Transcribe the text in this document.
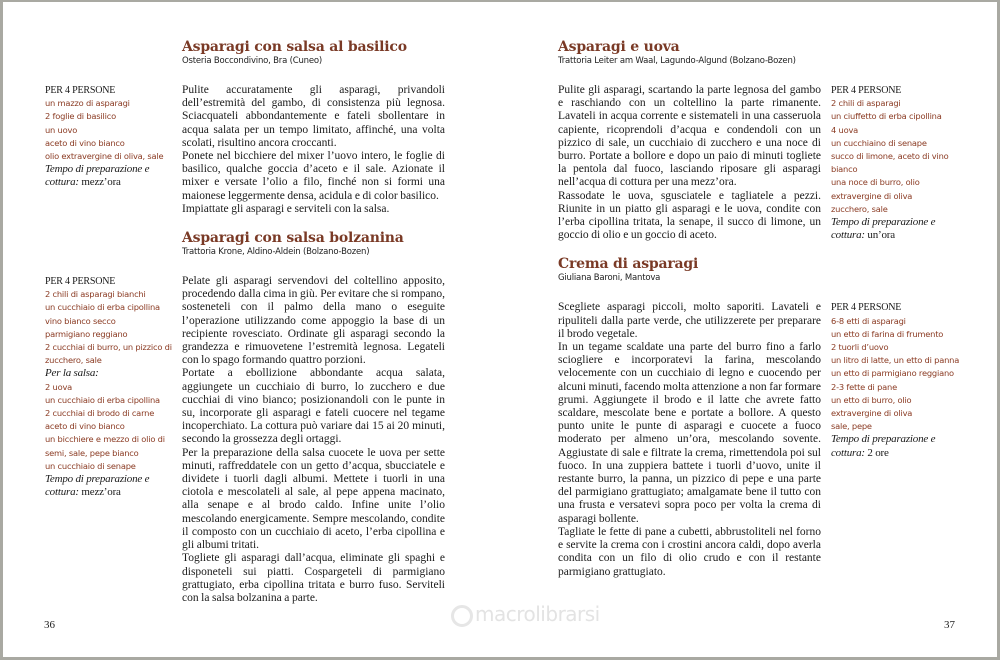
macrolibrarsi
Asparagi con salsa al basilico
Osteria Boccondivino, Bra (Cuneo)
PER 4 PERSONE
un mazzo di asparagi
2 foglie di basilico
un uovo
aceto di vino bianco
olio extravergine di oliva, sale
Tempo di preparazione e cottura: mezz’ora

Pulite accuratamente gli asparagi, privandoli dell’estremità del gambo, di consistenza più legnosa. Sciacquateli abbondantemente e fateli sbollentare in acqua salata per un tempo limitato, affinché, una volta scolati, risultino ancora croccanti.

Ponete nel bicchiere del mixer l’uovo intero, le foglie di basilico, qualche goccia d’aceto e il sale. Azionate il mixer e versate l’olio a filo, finché non si formi una maionese leggermente densa, acidula e di color basilico.

Impiattate gli asparagi e serviteli con la salsa.

Asparagi con salsa bolzanina
Trattoria Krone, Aldino-Aldein (Bolzano-Bozen)
PER 4 PERSONE
2 chili di asparagi bianchi
un cucchiaio di erba cipollina
vino bianco secco
parmigiano reggiano
2 cucchiai di burro, un pizzico di
zucchero, sale
Per la salsa:
2 uova
un cucchiaio di erba cipollina
2 cucchiai di brodo di carne
aceto di vino bianco
un bicchiere e mezzo di olio di
semi, sale, pepe bianco
un cucchiaio di senape
Tempo di preparazione e cottura: mezz’ora

Pelate gli asparagi servendovi del coltellino apposito, procedendo dalla cima in giù. Per evitare che si rompano, sosteneteli con il palmo della mano o eseguite l’operazione utilizzando come appoggio la base di un recipiente rovesciato. Ordinate gli asparagi secondo la grandezza e rimuovetene l’estremità legnosa. Legateli con lo spago formando quattro porzioni.

Portate a ebollizione abbondante acqua salata, aggiungete un cucchiaio di burro, lo zucchero e due cucchiai di vino bianco; posizionandoli con le punte in su, incorporate gli asparagi e fateli cuocere nel tegame incoperchiato. La cottura può variare dai 15 ai 20 minuti, secondo la grossezza degli ortaggi.

Per la preparazione della salsa cuocete le uova per sette minuti, raffreddatele con un getto d’acqua, sbucciatele e dividete i tuorli dagli albumi. Mettete i tuorli in una ciotola e mescolateli al sale, al pepe appena macinato, alla senape e al brodo caldo. Infine unite l’olio mescolando energicamente. Sempre mescolando, condite il composto con un cucchiaio di aceto, l’erba cipollina e gli albumi tritati.

Togliete gli asparagi dall’acqua, eliminate gli spaghi e disponeteli sui piatti. Cospargeteli di parmigiano grattugiato, erba cipollina tritata e burro fuso. Serviteli con la salsa bolzanina a parte.

36
Asparagi e uova
Trattoria Leiter am Waal, Lagundo-Algund (Bolzano-Bozen)

Pulite gli asparagi, scartando la parte legnosa del gambo e raschiando con un coltellino la parte rimanente. Lavateli in acqua corrente e sistemateli in una casseruola capiente, ricoprendoli d’acqua e condendoli con un pizzico di sale, un cucchiaio di zucchero e una noce di burro. Portate a bollore e dopo un paio di minuti togliete la pentola dal fuoco, lasciando riposare gli asparagi nell’acqua di cottura per una mezz’ora.

Rassodate le uova, sgusciatele e tagliatele a pezzi. Riunite in un piatto gli asparagi e le uova, condite con l’erba cipollina tritata, la senape, il succo di limone, un goccio di olio e un goccio di aceto.

PER 4 PERSONE
2 chili di asparagi
un ciuffetto di erba cipollina
4 uova
un cucchiaino di senape
succo di limone, aceto di vino
bianco
una noce di burro, olio
extravergine di oliva
zucchero, sale
Tempo di preparazione e cottura: un’ora
Crema di asparagi
Giuliana Baroni, Mantova

Scegliete asparagi piccoli, molto saporiti. Lavateli e ripuliteli dalla parte verde, che utilizzerete per preparare il brodo vegetale.

In un tegame scaldate una parte del burro fino a farlo sciogliere e incorporatevi la farina, mescolando velocemente con un cucchiaio di legno e cuocendo per alcuni minuti, facendo molta attenzione a non far formare grumi. Aggiungete il brodo e il latte che avrete fatto scaldare, mescolate bene e portate a bollore. A questo punto unite le punte di asparagi e cuocete a fuoco moderato per almeno un’ora, mescolando sovente. Aggiustate di sale e filtrate la crema, rimettendola poi sul fuoco. In una zuppiera battete i tuorli d’uovo, unite il restante burro, la panna, un pizzico di pepe e una parte del parmigiano grattugiato; amalgamate bene il tutto con una frusta e versatevi sopra poco per volta la crema di asparagi bollente.

Tagliate le fette di pane a cubetti, abbrustoliteli nel forno e servite la crema con i crostini ancora caldi, dopo averla condita con un filo di olio crudo e con il restante parmigiano grattugiato.

PER 4 PERSONE
6-8 etti di asparagi
un etto di farina di frumento
2 tuorli d’uovo
un litro di latte, un etto di panna
un etto di parmigiano reggiano
2-3 fette di pane
un etto di burro, olio
extravergine di oliva
sale, pepe
Tempo di preparazione e cottura: 2 ore
37
